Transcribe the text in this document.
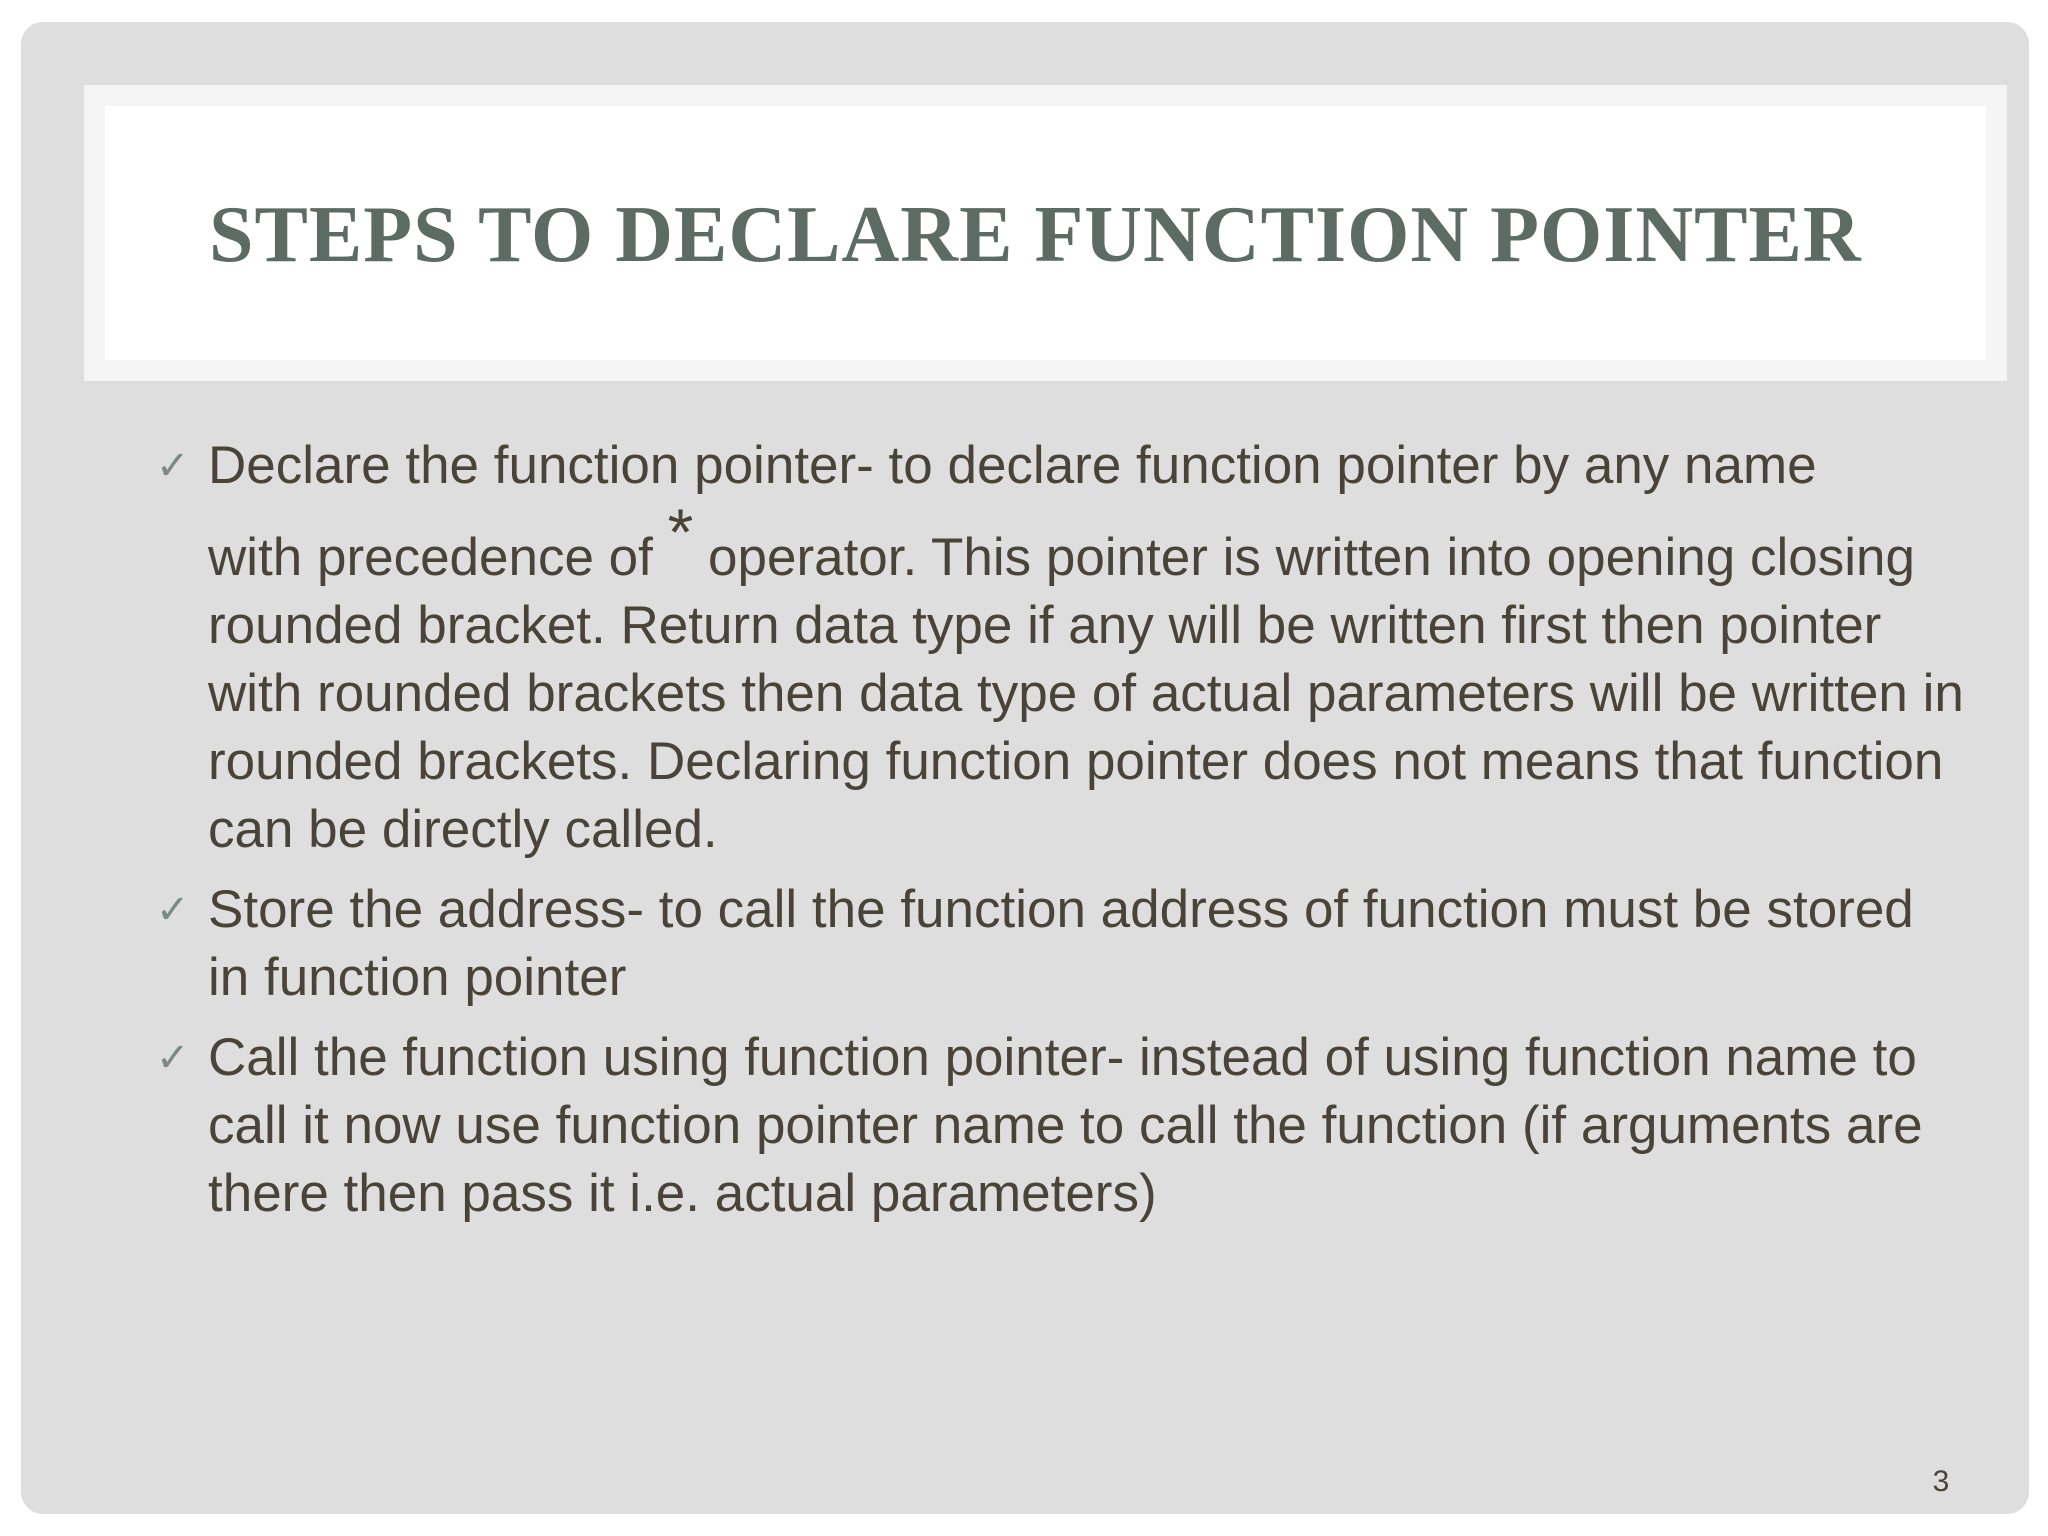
STEPS TO DECLARE FUNCTION POINTER

✓ Declare the function pointer- to declare function pointer by any name
with precedence of * operator. This pointer is written into opening closing rounded bracket. Return data type if any will be written first then pointer with rounded brackets then data type of actual parameters will be written in rounded brackets. Declaring function pointer does not means that function can be directly called.

✓ Store the address- to call the function address of function must be stored in function pointer

✓ Call the function using function pointer- instead of using function name to call it now use function pointer name to call the function (if arguments are there then pass it i.e. actual parameters)

3
